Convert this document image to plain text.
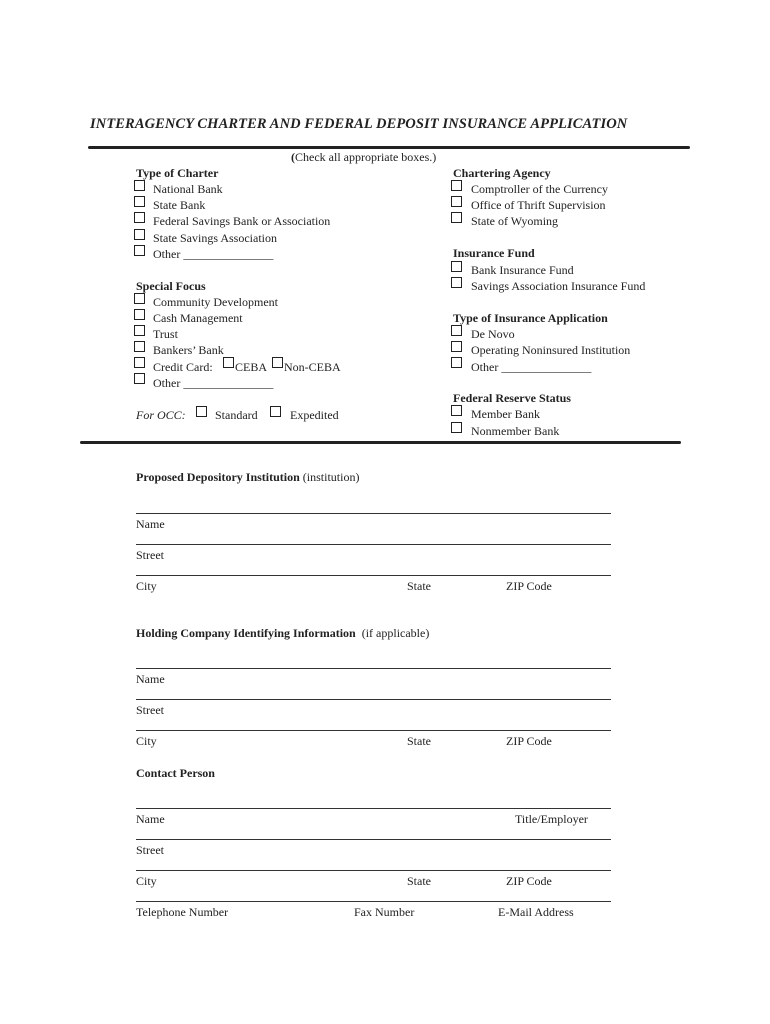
INTERAGENCY CHARTER AND FEDERAL DEPOSIT INSURANCE APPLICATION
(Check all appropriate boxes.)
Type of Charter
National Bank
State Bank
Federal Savings Bank or Association
State Savings Association
Other _______________
Special Focus
Community Development
Cash Management
Trust
Bankers’ Bank
Credit Card: CEBA Non-CEBA
Other _______________
For OCC: Standard	Expedited
Chartering Agency
Comptroller of the Currency
Office of Thrift Supervision
State of Wyoming
Insurance Fund
Bank Insurance Fund
Savings Association Insurance Fund
Type of Insurance Application
De Novo
Operating Noninsured Institution
Other _______________
Federal Reserve Status
Member Bank
Nonmember Bank
Proposed Depository Institution (institution)
Name
Street
City	State	ZIP Code
Holding Company Identifying Information (if applicable)
Name
Street
City	State	ZIP Code
Contact Person
Name	Title/Employer
Street
City	State	ZIP Code
Telephone Number	Fax Number	E-Mail Address
